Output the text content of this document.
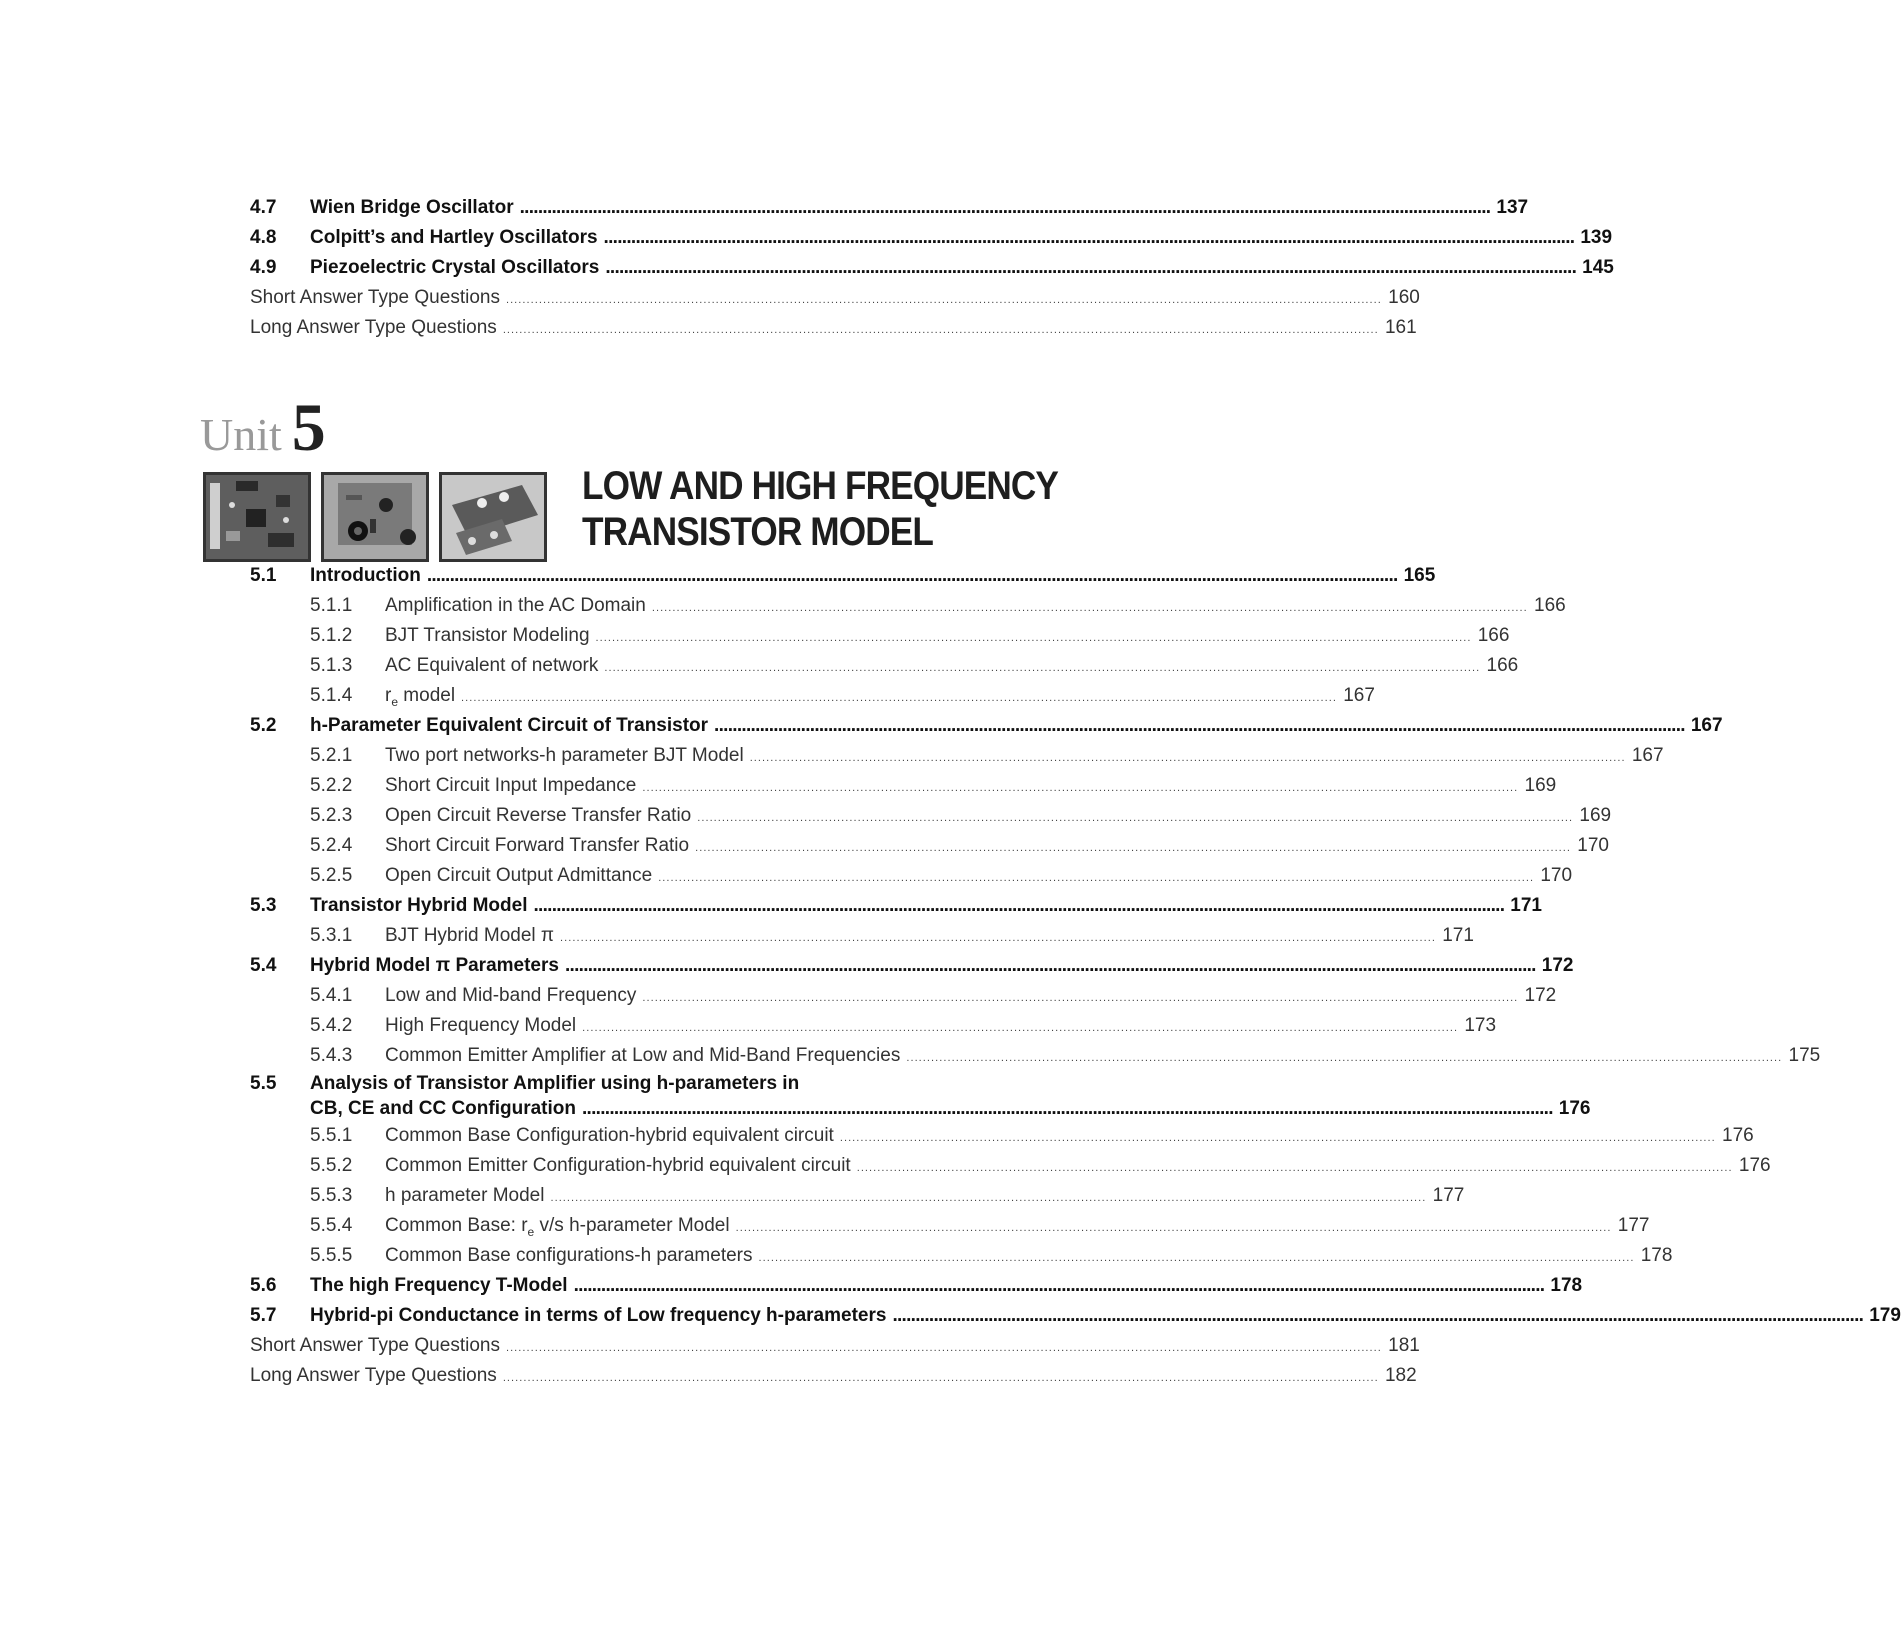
4.7	Wien Bridge Oscillator . . .	137
4.8	Colpitt’s and Hartley Oscillators . . .	139
4.9	Piezoelectric Crystal Oscillators . . .	145
Short Answer Type Questions . . .	160
Long Answer Type Questions . . .	161
Unit 5
LOW AND HIGH FREQUENCY
TRANSISTOR MODEL
5.1	Introduction . . .	165
5.1.1	Amplification in the AC Domain . . .	166
5.1.2	BJT Transistor Modeling . . .	166
5.1.3	AC Equivalent of network . . .	166
5.1.4	$r_e$ model . . .	167
5.2	h-Parameter Equivalent Circuit of Transistor . . .	167
5.2.1	Two port networks-h parameter BJT Model . . .	167
5.2.2	Short Circuit Input Impedance . . .	169
5.2.3	Open Circuit Reverse Transfer Ratio . . .	169
5.2.4	Short Circuit Forward Transfer Ratio . . .	170
5.2.5	Open Circuit Output Admittance . . .	170
5.3	Transistor Hybrid Model . . .	171
5.3.1	BJT Hybrid Model π . . .	171
5.4	Hybrid Model π Parameters . . .	172
5.4.1	Low and Mid-band Frequency . . .	172
5.4.2	High Frequency Model . . .	173
5.4.3	Common Emitter Amplifier at Low and Mid-Band Frequencies . . .	175
5.5	Analysis of Transistor Amplifier using h-parameters in
CB, CE and CC Configuration . . .	176
5.5.1	Common Base Configuration-hybrid equivalent circuit . . .	176
5.5.2	Common Emitter Configuration-hybrid equivalent circuit . . .	176
5.5.3	h parameter Model . . .	177
5.5.4	Common Base: $r_e$ v/s h-parameter Model . . .	177
5.5.5	Common Base configurations-h parameters . . .	178
5.6	The high Frequency T-Model . . .	178
5.7	Hybrid-pi Conductance in terms of Low frequency h-parameters . . .	179
Short Answer Type Questions . . .	181
Long Answer Type Questions . . .	182
